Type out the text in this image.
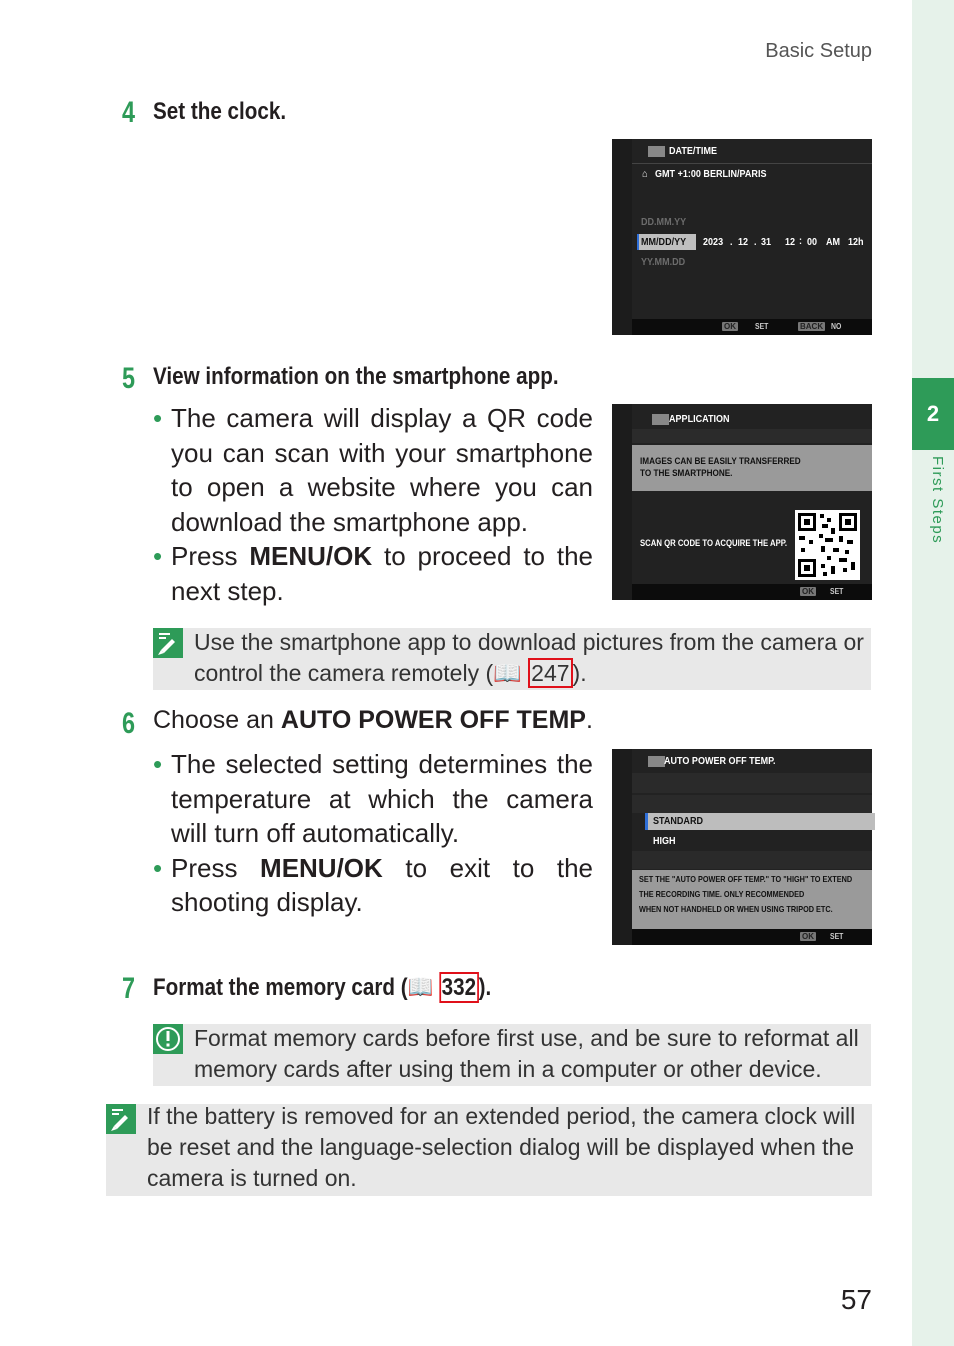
2
First Steps
Basic Setup
57
4 Set the clock.
DATE/TIME
⌂ GMT +1:00 BERLIN/PARIS
DD.MM.YY
MM/DD/YY
YY.MM.DD
2023 . 12 . 31 12 : 00 AM 12h
OK SET	BACK NO
5 View information on the smartphone app.
• The camera will display a QR code you can scan with your smartphone to open a website where you can download the smartphone app.
• Press MENU/OK to proceed to the next step.
APPLICATION
IMAGES CAN BE EASILY TRANSFERRED
TO THE SMARTPHONE.
SCAN QR CODE TO ACQUIRE THE APP.
OK SET
Use the smartphone app to download pictures from the camera or control the camera remotely (📖 247 ).
6 Choose an AUTO POWER OFF TEMP.
• The selected setting determines the temperature at which the camera will turn off automatically.
• Press MENU/OK to exit to the shooting display.
AUTO POWER OFF TEMP.
STANDARD
HIGH
SET THE "AUTO POWER OFF TEMP." TO "HIGH" TO EXTEND
THE RECORDING TIME. ONLY RECOMMENDED
WHEN NOT HANDHELD OR WHEN USING TRIPOD ETC.
OK SET
7 Format the memory card (📖 332 ).
Format memory cards before first use, and be sure to reformat all memory cards after using them in a computer or other device.
If the battery is removed for an extended period, the camera clock will be reset and the language-selection dialog will be displayed when the camera is turned on.
